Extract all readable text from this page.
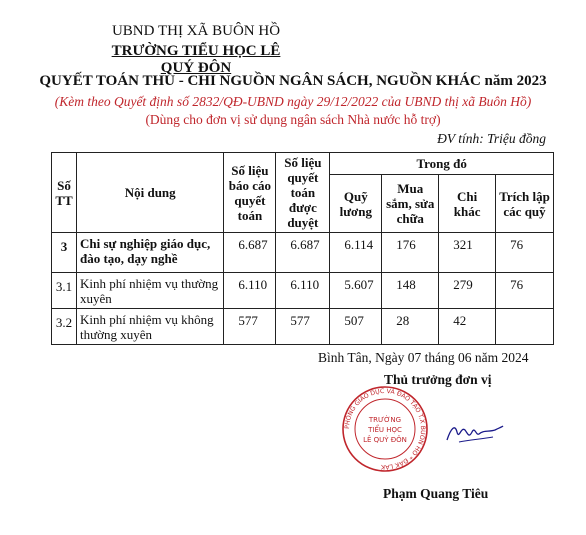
UBND THỊ XÃ BUÔN HỒ
TRƯỜNG TIỂU HỌC LÊ QUÝ ĐÔN
QUYẾT TOÁN THU - CHI NGUỒN NGÂN SÁCH, NGUỒN KHÁC năm 2023
(Kèm theo Quyết định số 2832/QĐ-UBND ngày 29/12/2022 của UBND thị xã Buôn Hồ)
(Dùng cho đơn vị sử dụng ngân sách Nhà nước hỗ trợ)
ĐV tính: Triệu đồng
Số TT	Nội dung	Số liệu báo cáo quyết toán	Số liệu quyết toán được duyệt	Trong đó			
				Quỹ lương	Mua sắm, sửa chữa	Chi khác	Trích lập các quỹ
3	Chi sự nghiệp giáo dục, đào tạo, dạy nghề	6.687	6.687	6.114	176	321	76
3.1	Kinh phí nhiệm vụ thường xuyên	6.110	6.110	5.607	148	279	76
3.2	Kinh phí nhiệm vụ không thường xuyên	577	577	507	28	42	
Bình Tân, Ngày 07 tháng 06 năm 2024
Thủ trưởng đơn vị
PHÒNG GIÁO DỤC VÀ ĐÀO TẠO T.X BUÔN HỒ * ĐẮK LẮK
TRƯỜNG
TIỂU HỌC
LÊ QUÝ ĐÔN
Phạm Quang Tiêu
